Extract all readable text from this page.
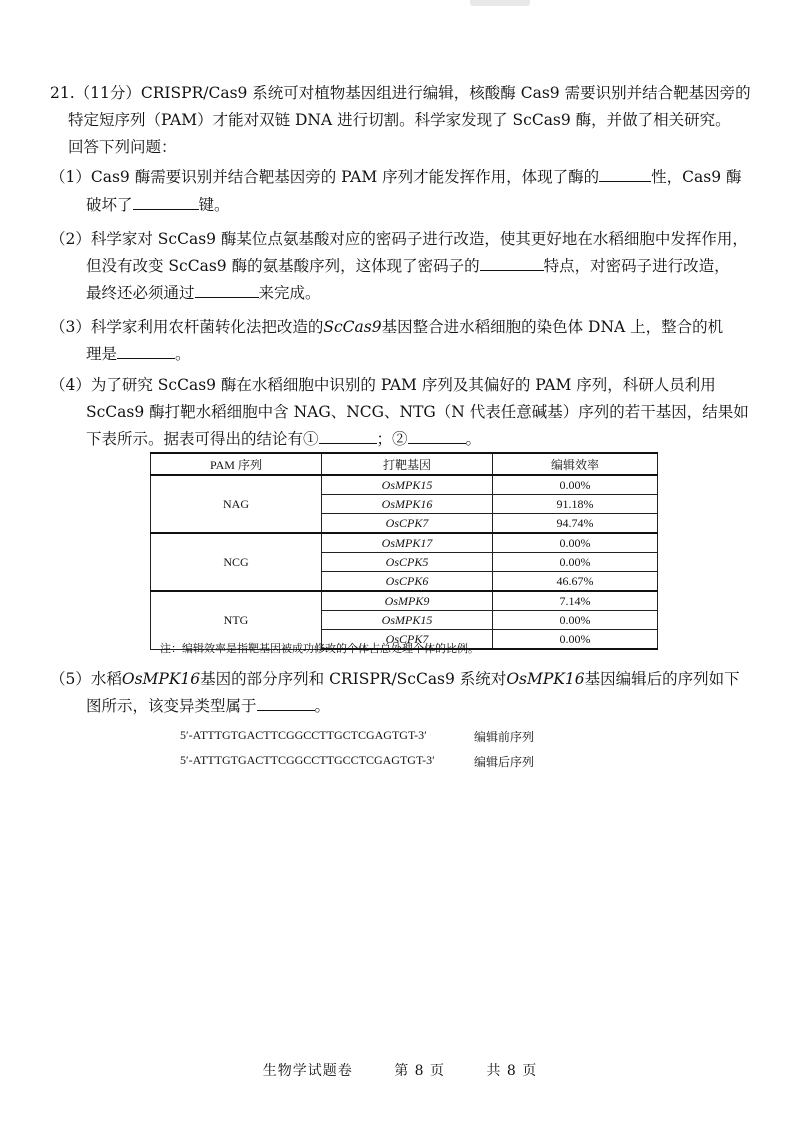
21.（11分）CRISPR/Cas9 系统可对植物基因组进行编辑，核酸酶 Cas9 需要识别并结合靶基因旁的
特定短序列（PAM）才能对双链 DNA 进行切割。科学家发现了 ScCas9 酶，并做了相关研究。
回答下列问题：
（1）Cas9 酶需要识别并结合靶基因旁的 PAM 序列才能发挥作用，体现了酶的	性，Cas9 酶
破坏了	键。
（2）科学家对 ScCas9 酶某位点氨基酸对应的密码子进行改造，使其更好地在水稻细胞中发挥作用，
但没有改变 ScCas9 酶的氨基酸序列，这体现了密码子的	特点，对密码子进行改造，
最终还必须通过	来完成。
（3）科学家利用农杆菌转化法把改造的ScCas9基因整合进水稻细胞的染色体 DNA 上，整合的机
理是	。
（4）为了研究 ScCas9 酶在水稻细胞中识别的 PAM 序列及其偏好的 PAM 序列，科研人员利用
ScCas9 酶打靶水稻细胞中含 NAG、NCG、NTG（N 代表任意碱基）序列的若干基因，结果如
下表所示。据表可得出的结论有①	；②	。
PAM 序列	打靶基因	编辑效率
NAG	OsMPK15	0.00%
	OsMPK16	91.18%
	OsCPK7	94.74%
NCG	OsMPK17	0.00%
	OsCPK5	0.00%
	OsCPK6	46.67%
NTG	OsMPK9	7.14%
	OsMPK15	0.00%
	OsCPK7	0.00%
注：编辑效率是指靶基因被成功修改的个体占总处理个体的比例。
（5）水稻OsMPK16基因的部分序列和 CRISPR/ScCas9 系统对OsMPK16基因编辑后的序列如下
图所示，该变异类型属于	。
5′-ATTTGTGACTTCGGCCTTGCTCGAGTGT-3′	编辑前序列
5′-ATTTGTGACTTCGGCCTTGCCTCGAGTGT-3′	编辑后序列
生物学试题卷	第 8 页	共 8 页
